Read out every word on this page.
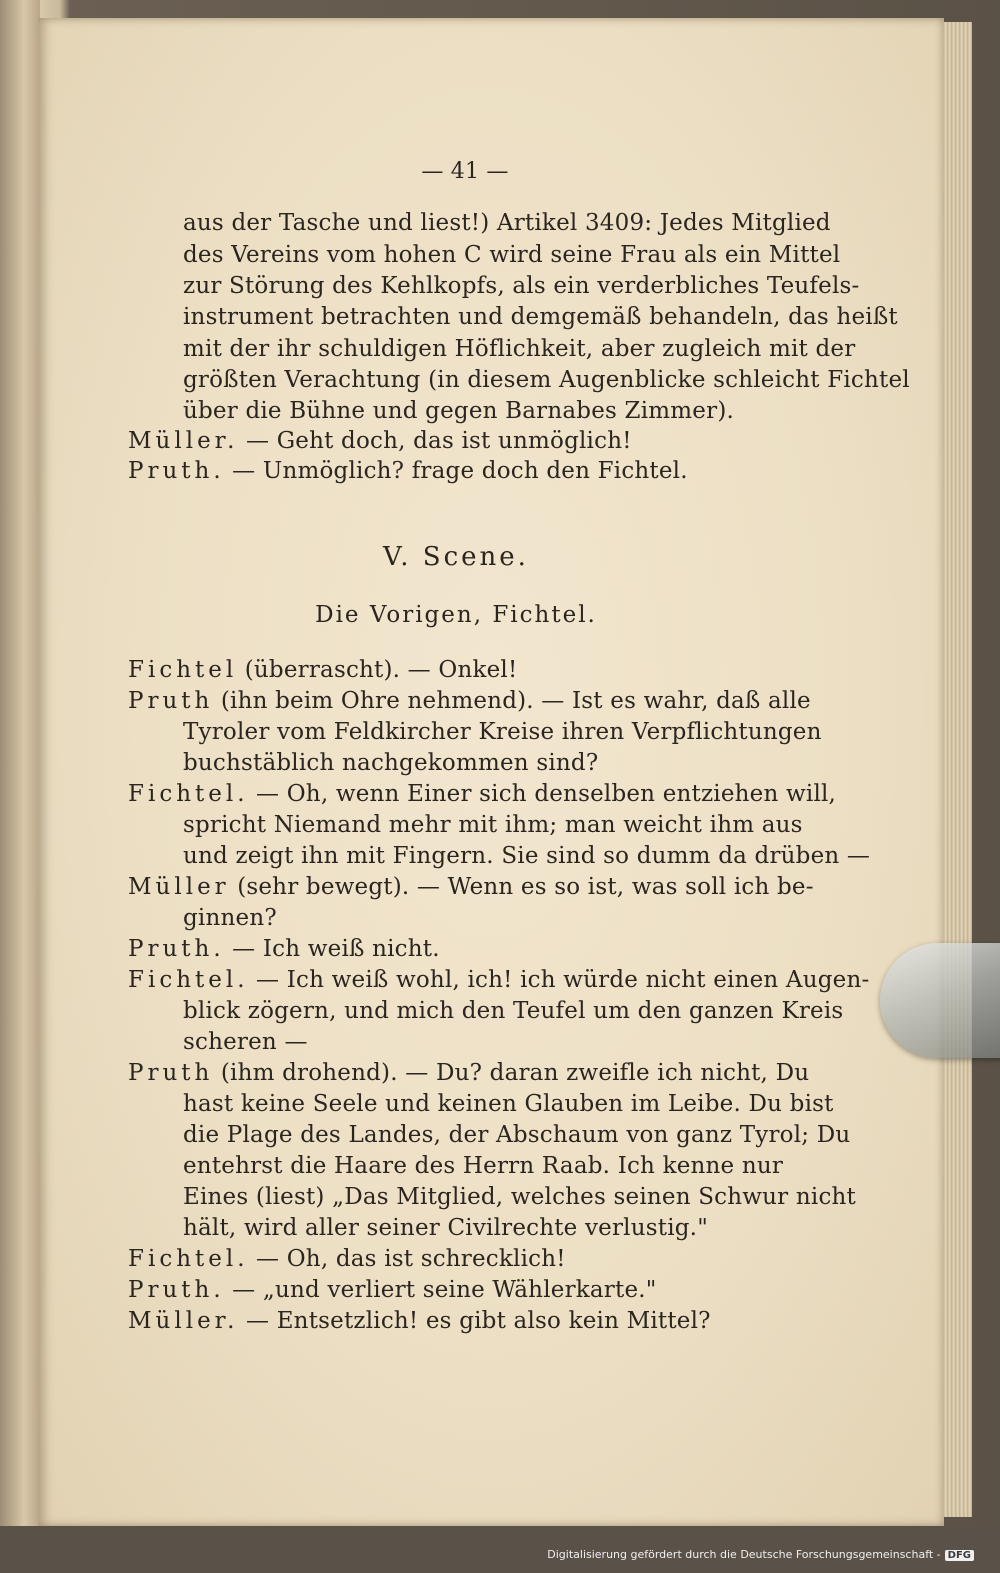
— 41 —
aus der Tasche und liest!) Artikel 3409: Jedes Mitglied
des Vereins vom hohen C wird seine Frau als ein Mittel
zur Störung des Kehlkopfs, als ein verderbliches Teufels-
instrument betrachten und demgemäß behandeln, das heißt
mit der ihr schuldigen Höflichkeit, aber zugleich mit der
größten Verachtung (in diesem Augenblicke schleicht Fichtel
über die Bühne und gegen Barnabes Zimmer).
Müller. — Geht doch, das ist unmöglich!
Pruth. — Unmöglich? frage doch den Fichtel.
V. Scene.
Die Vorigen, Fichtel.
Fichtel (überrascht). — Onkel!
Pruth (ihn beim Ohre nehmend). — Ist es wahr, daß alle
Tyroler vom Feldkircher Kreise ihren Verpflichtungen
buchstäblich nachgekommen sind?
Fichtel. — Oh, wenn Einer sich denselben entziehen will,
spricht Niemand mehr mit ihm; man weicht ihm aus
und zeigt ihn mit Fingern. Sie sind so dumm da drüben —
Müller (sehr bewegt). — Wenn es so ist, was soll ich be-
ginnen?
Pruth. — Ich weiß nicht.
Fichtel. — Ich weiß wohl, ich! ich würde nicht einen Augen-
blick zögern, und mich den Teufel um den ganzen Kreis
scheren —
Pruth (ihm drohend). — Du? daran zweifle ich nicht, Du
hast keine Seele und keinen Glauben im Leibe. Du bist
die Plage des Landes, der Abschaum von ganz Tyrol; Du
entehrst die Haare des Herrn Raab. Ich kenne nur
Eines (liest) „Das Mitglied, welches seinen Schwur nicht
hält, wird aller seiner Civilrechte verlustig."
Fichtel. — Oh, das ist schrecklich!
Pruth. — „und verliert seine Wählerkarte."
Müller. — Entsetzlich! es gibt also kein Mittel?
Digitalisierung gefördert durch die Deutsche Forschungsgemeinschaft - DFG
